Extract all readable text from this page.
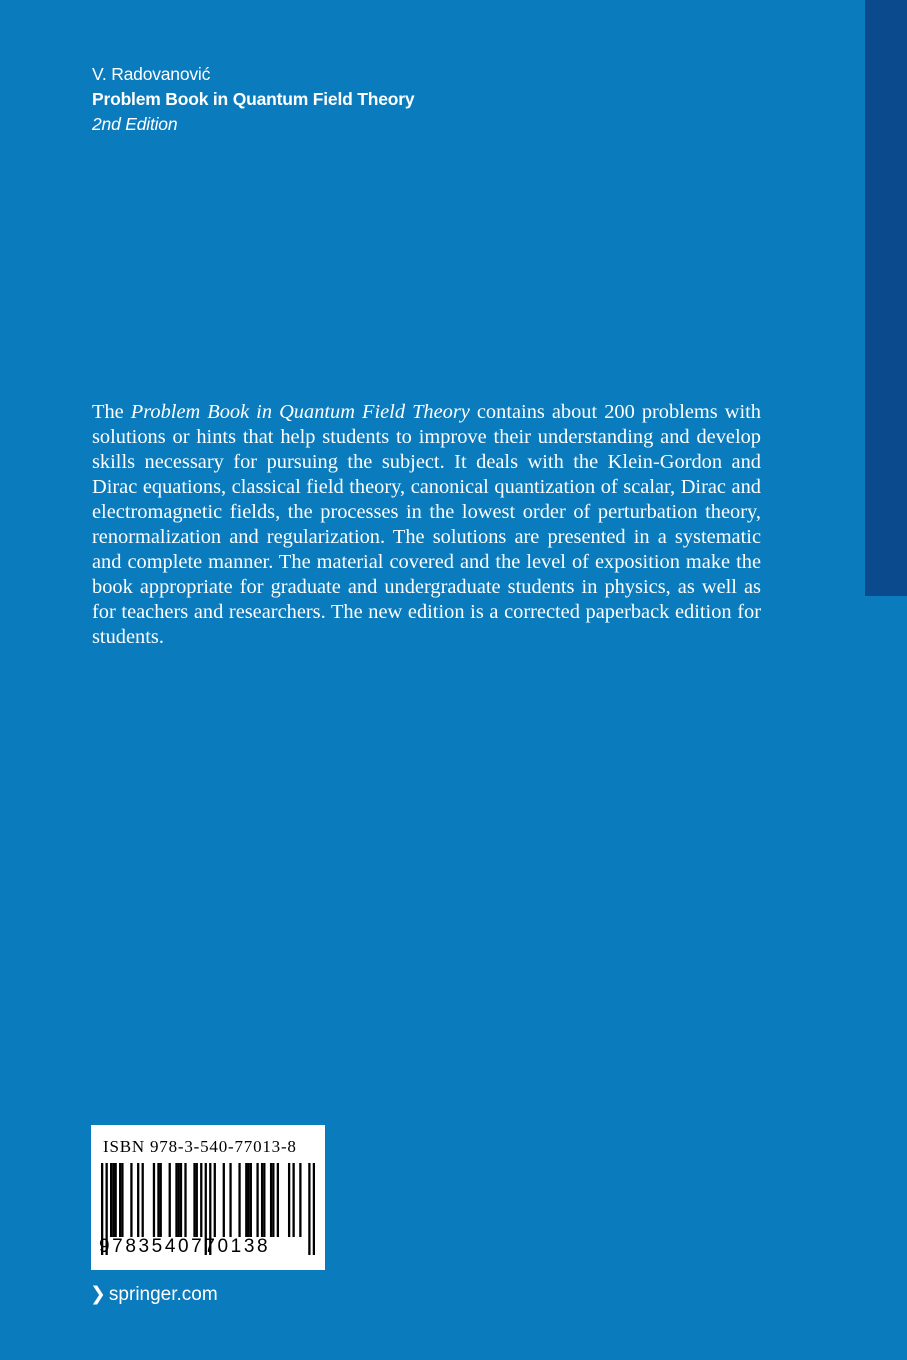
V. Radovanović
Problem Book in Quantum Field Theory
2nd Edition

The Problem Book in Quantum Field Theory contains about 200 problems with solutions or hints that help students to improve their understanding and develop skills necessary for pursuing the subject. It deals with the Klein-Gordon and Dirac equations, classical field theory, canonical quantization of scalar, Dirac and electromagnetic fields, the processes in the lowest order of perturbation theory, renormalization and regularization. The solutions are presented in a systematic and complete manner. The material covered and the level of exposition make the book appropriate for graduate and undergraduate students in physics, as well as for teachers and researchers. The new edition is a corrected paperback edition for students.

ISBN 978-3-540-77013-8
9783540770138
❯ springer.com
